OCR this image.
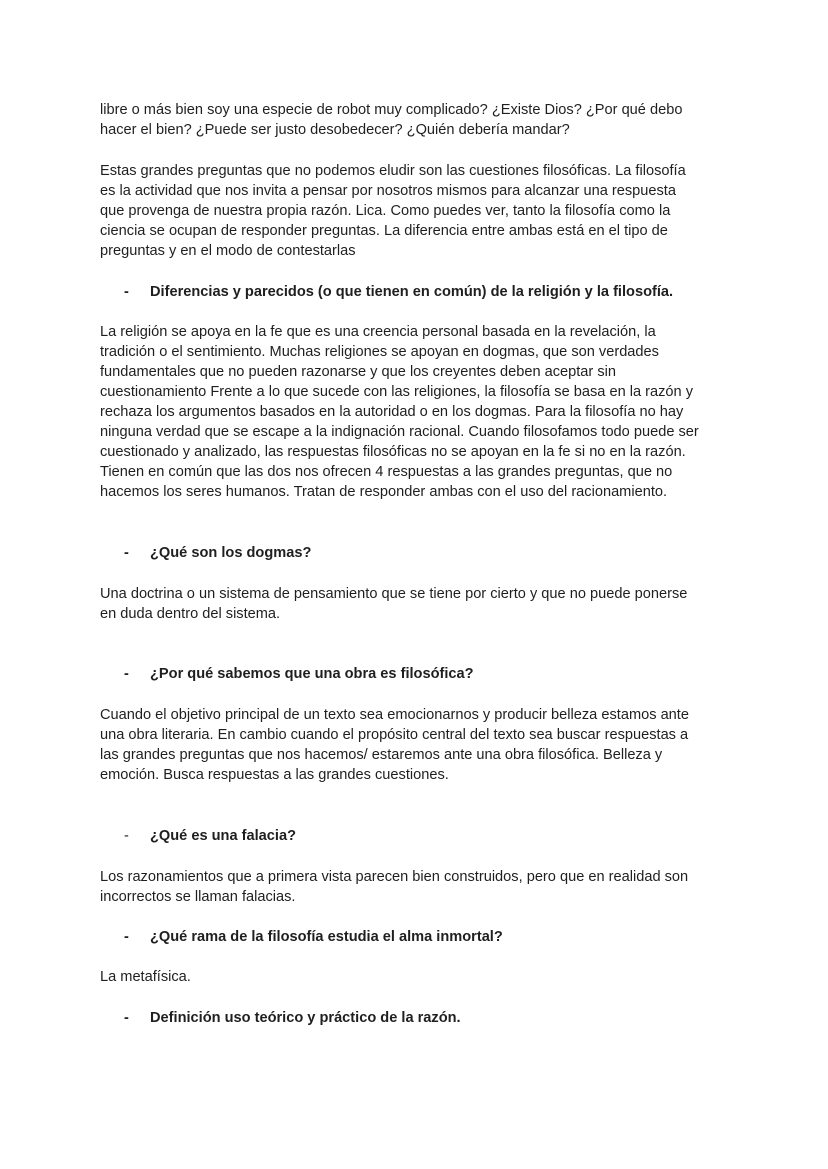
libre o más bien soy una especie de robot muy complicado? ¿Existe Dios? ¿Por qué debo
hacer el bien? ¿Puede ser justo desobedecer? ¿Quién debería mandar?
Estas grandes preguntas que no podemos eludir son las cuestiones filosóficas. La filosofía
es la actividad que nos invita a pensar por nosotros mismos para alcanzar una respuesta
que provenga de nuestra propia razón. Lica. Como puedes ver, tanto la filosofía como la
ciencia se ocupan de responder preguntas. La diferencia entre ambas está en el tipo de
preguntas y en el modo de contestarlas
- Diferencias y parecidos (o que tienen en común) de la religión y la filosofía.
La religión se apoya en la fe que es una creencia personal basada en la revelación, la
tradición o el sentimiento. Muchas religiones se apoyan en dogmas, que son verdades
fundamentales que no pueden razonarse y que los creyentes deben aceptar sin
cuestionamiento Frente a lo que sucede con las religiones, la filosofía se basa en la razón y
rechaza los argumentos basados en la autoridad o en los dogmas. Para la filosofía no hay
ninguna verdad que se escape a la indignación racional. Cuando filosofamos todo puede ser
cuestionado y analizado, las respuestas filosóficas no se apoyan en la fe si no en la razón.
Tienen en común que las dos nos ofrecen 4 respuestas a las grandes preguntas, que no
hacemos los seres humanos. Tratan de responder ambas con el uso del racionamiento.
- ¿Qué son los dogmas?
Una doctrina o un sistema de pensamiento que se tiene por cierto y que no puede ponerse
en duda dentro del sistema.
- ¿Por qué sabemos que una obra es filosófica?
Cuando el objetivo principal de un texto sea emocionarnos y producir belleza estamos ante
una obra literaria. En cambio cuando el propósito central del texto sea buscar respuestas a
las grandes preguntas que nos hacemos/ estaremos ante una obra filosófica. Belleza y
emoción. Busca respuestas a las grandes cuestiones.
- ¿Qué es una falacia?
Los razonamientos que a primera vista parecen bien construidos, pero que en realidad son
incorrectos se llaman falacias.
- ¿Qué rama de la filosofía estudia el alma inmortal?
La metafísica.
- Definición uso teórico y práctico de la razón.
